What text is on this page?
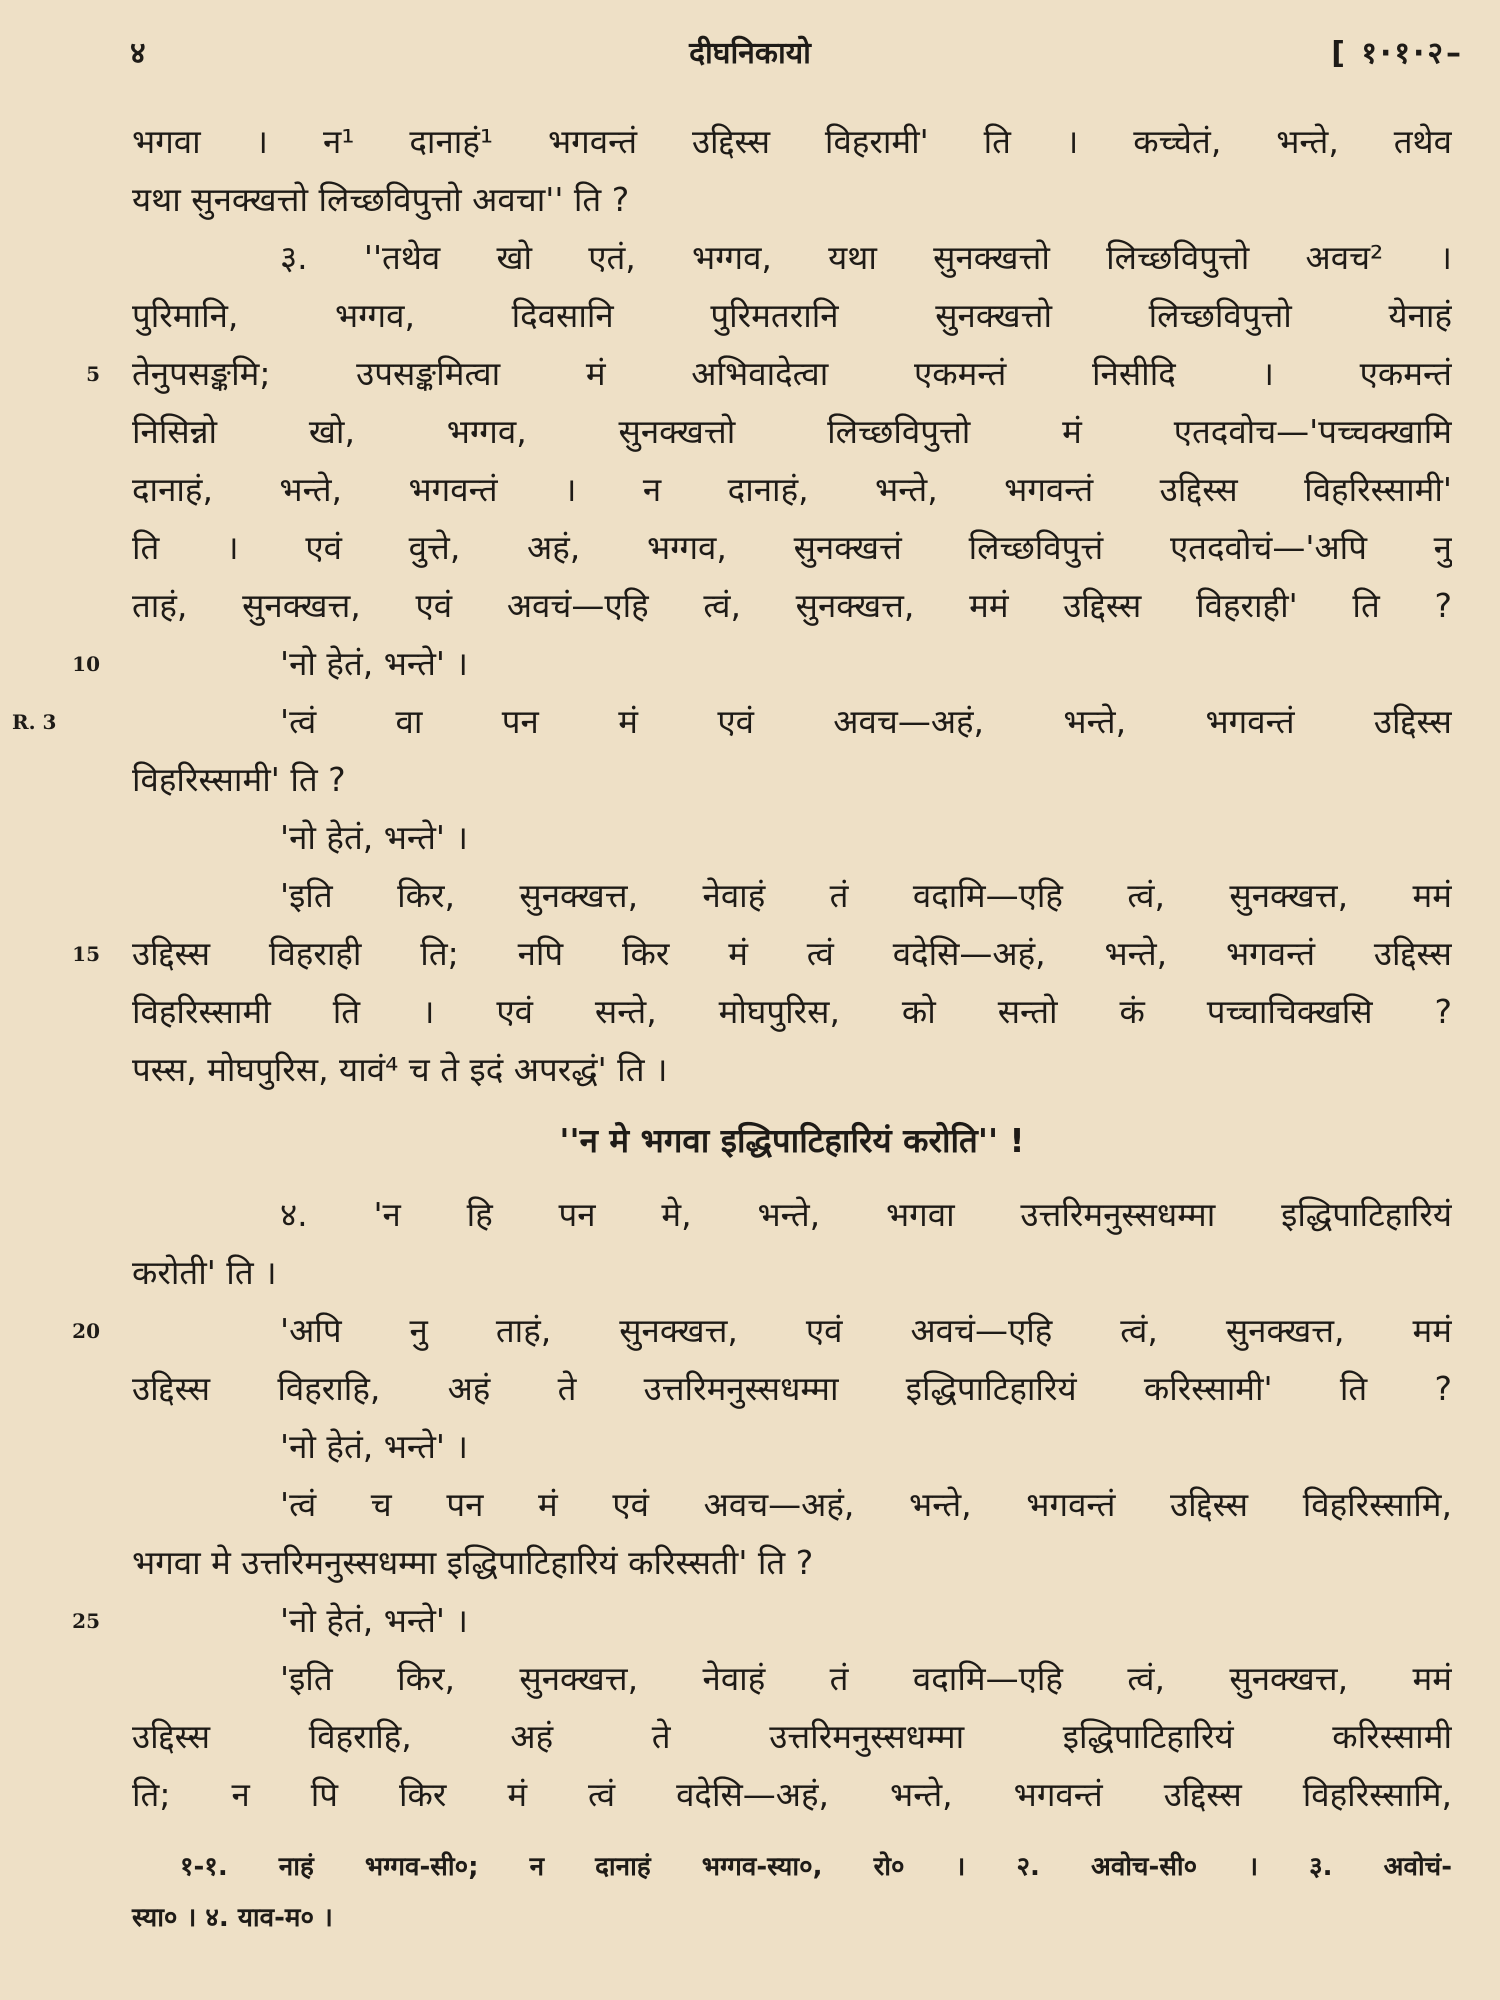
४	दीघनिकायो	[ १·१·२–
भगवा । न¹ दानाहं¹ भगवन्तं उद्दिस्स विहरामी' ति । कच्चेतं, भन्ते, तथेव
यथा सुनक्खत्तो लिच्छविपुत्तो अवचा'' ति ?
३. ''तथेव खो एतं, भग्गव, यथा सुनक्खत्तो लिच्छविपुत्तो अवच² ।
पुरिमानि, भग्गव, दिवसानि पुरिमतरानि सुनक्खत्तो लिच्छविपुत्तो येनाहं
5 तेनुपसङ्कमि; उपसङ्कमित्वा मं अभिवादेत्वा एकमन्तं निसीदि । एकमन्तं
निसिन्नो खो, भग्गव, सुनक्खत्तो लिच्छविपुत्तो मं एतदवोच—'पच्चक्खामि
दानाहं, भन्ते, भगवन्तं । न दानाहं, भन्ते, भगवन्तं उद्दिस्स विहरिस्सामी'
ति । एवं वुत्ते, अहं, भग्गव, सुनक्खत्तं लिच्छविपुत्तं एतदवोचं—'अपि नु
ताहं, सुनक्खत्त, एवं अवचं—एहि त्वं, सुनक्खत्त, ममं उद्दिस्स विहराही' ति ?
10	'नो हेतं, भन्ते' ।
R. 3	'त्वं वा पन मं एवं अवच—अहं, भन्ते, भगवन्तं उद्दिस्स
विहरिस्सामी' ति ?
'नो हेतं, भन्ते' ।
'इति किर, सुनक्खत्त, नेवाहं तं वदामि—एहि त्वं, सुनक्खत्त, ममं
15 उद्दिस्स विहराही ति; नपि किर मं त्वं वदेसि—अहं, भन्ते, भगवन्तं उद्दिस्स
विहरिस्सामी ति । एवं सन्ते, मोघपुरिस, को सन्तो कं पच्चाचिक्खसि ?
पस्स, मोघपुरिस, यावं⁴ च ते इदं अपरद्धं' ति ।
''न मे भगवा इद्धिपाटिहारियं करोति'' !
४. 'न हि पन मे, भन्ते, भगवा उत्तरिमनुस्सधम्मा इद्धिपाटिहारियं
करोती' ति ।
20	'अपि नु ताहं, सुनक्खत्त, एवं अवचं—एहि त्वं, सुनक्खत्त, ममं
उद्दिस्स विहराहि, अहं ते उत्तरिमनुस्सधम्मा इद्धिपाटिहारियं करिस्सामी' ति ?
'नो हेतं, भन्ते' ।
'त्वं च पन मं एवं अवच—अहं, भन्ते, भगवन्तं उद्दिस्स विहरिस्सामि,
भगवा मे उत्तरिमनुस्सधम्मा इद्धिपाटिहारियं करिस्सती' ति ?
25	'नो हेतं, भन्ते' ।
'इति किर, सुनक्खत्त, नेवाहं तं वदामि—एहि त्वं, सुनक्खत्त, ममं
उद्दिस्स विहराहि, अहं ते उत्तरिमनुस्सधम्मा इद्धिपाटिहारियं करिस्सामी
ति; न पि किर मं त्वं वदेसि—अहं, भन्ते, भगवन्तं उद्दिस्स विहरिस्सामि,
१-१. नाहं भग्गव-सी०; न दानाहं भग्गव-स्या०, रो० । २. अवोच-सी० । ३. अवोचं-
स्या० । ४. याव-म० ।
